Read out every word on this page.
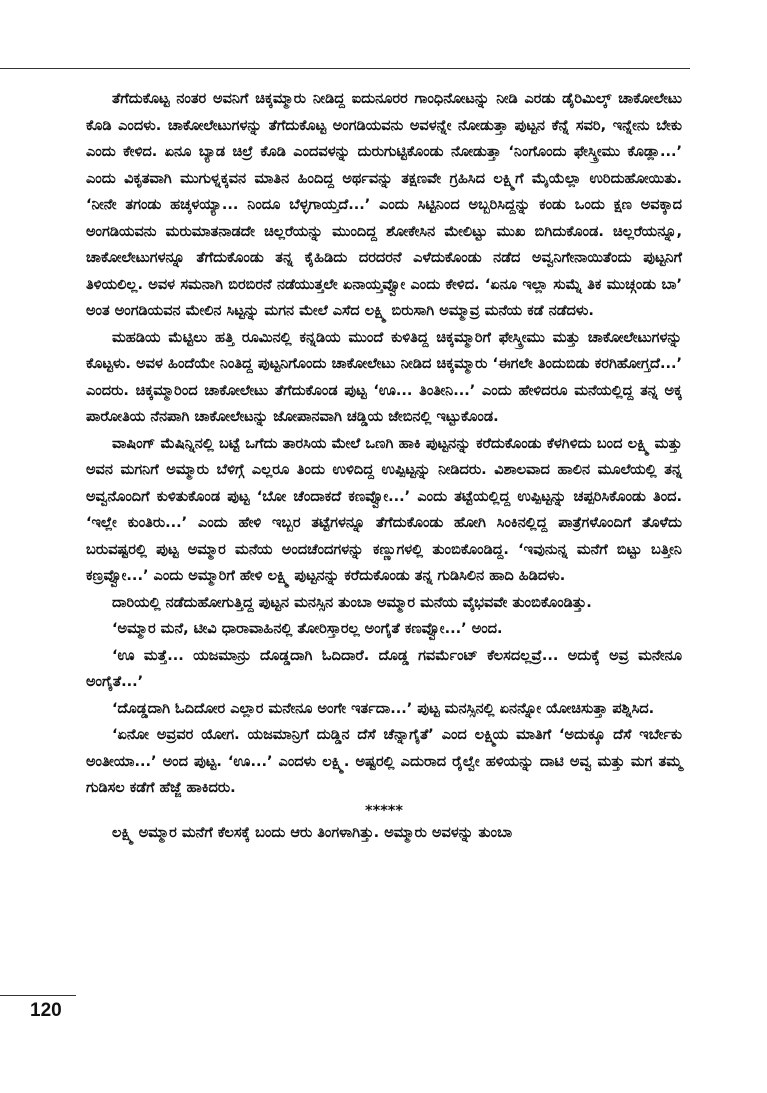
ತೆಗೆದುಕೊಟ್ಟ ನಂತರ ಅವನಿಗೆ ಚಿಕ್ಕಮ್ಮಾರು ನೀಡಿದ್ದ ಐದುನೂರರ ಗಾಂಧಿನೋಟನ್ನು ನೀಡಿ ಎರಡು ಡೈರಿಮಿಲ್ಕ್ ಚಾಕೋಲೇಟು ಕೊಡಿ ಎಂದಳು. ಚಾಕೋಲೇಟುಗಳನ್ನು ತೆಗೆದುಕೊಟ್ಟ ಅಂಗಡಿಯವನು ಅವಳನ್ನೇ ನೋಡುತ್ತಾ ಪುಟ್ಟನ ಕೆನ್ನೆ ಸವರಿ, ಇನ್ನೇನು ಬೇಕು ಎಂದು ಕೇಳಿದ. ಏನೂ ಬ್ಯಾಡ ಚಿಲ್ರೆ ಕೊಡಿ ಎಂದವಳನ್ನು ದುರುಗುಟ್ಟಿಕೊಂಡು ನೋಡುತ್ತಾ ‘ನಿಂಗೊಂದು ಫೇಸ್ಕ್ರೀಮು ಕೊಡ್ಲಾ...’ ಎಂದು ವಿಕೃತವಾಗಿ ಮುಗುಳ್ನಕ್ಕವನ ಮಾತಿನ ಹಿಂದಿದ್ದ ಅರ್ಥವನ್ನು ತಕ್ಷಣವೇ ಗ್ರಹಿಸಿದ ಲಕ್ಷ್ಮಿಗೆ ಮೈಯೆಲ್ಲಾ ಉರಿದುಹೋಯಿತು. ‘ನೀನೇ ತಗಂಡು ಹಚ್ಕಳಯ್ಯಾ... ನಿಂದೂ ಬೆಳ್ಳಗಾಯ್ತದೆ...’ ಎಂದು ಸಿಟ್ಟಿನಿಂದ ಅಬ್ಬರಿಸಿದ್ದನ್ನು ಕಂಡು ಒಂದು ಕ್ಷಣ ಅವಕ್ಕಾದ ಅಂಗಡಿಯವನು ಮರುಮಾತನಾಡದೇ ಚಿಲ್ಲರೆಯನ್ನು ಮುಂದಿದ್ದ ಶೋಕೇಸಿನ ಮೇಲಿಟ್ಟು ಮುಖ ಬಿಗಿದುಕೊಂಡ. ಚಿಲ್ಲರೆಯನ್ನೂ, ಚಾಕೋಲೇಟುಗಳನ್ನೂ ತೆಗೆದುಕೊಂಡು ತನ್ನ ಕೈಹಿಡಿದು ದರದರನೆ ಎಳೆದುಕೊಂಡು ನಡೆದ ಅವ್ವನಿಗೇನಾಯಿತೆಂದು ಪುಟ್ಟನಿಗೆ ತಿಳಿಯಲಿಲ್ಲ. ಅವಳ ಸಮನಾಗಿ ಬಿರಬಿರನೆ ನಡೆಯುತ್ತಲೇ ಏನಾಯ್ತವ್ವೋ ಎಂದು ಕೇಳಿದ. ‘ಏನೂ ಇಲ್ಲಾ ಸುಮ್ನೆ ತಿಕ ಮುಚ್ಗಂಡು ಬಾ’ ಅಂತ ಅಂಗಡಿಯವನ ಮೇಲಿನ ಸಿಟ್ಟನ್ನು ಮಗನ ಮೇಲೆ ಎಸೆದ ಲಕ್ಷ್ಮಿ ಬಿರುಸಾಗಿ ಅಮ್ಮಾವ್ರ ಮನೆಯ ಕಡೆ ನಡೆದಳು.

ಮಹಡಿಯ ಮೆಟ್ಟಿಲು ಹತ್ತಿ ರೂಮಿನಲ್ಲಿ ಕನ್ನಡಿಯ ಮುಂದೆ ಕುಳಿತಿದ್ದ ಚಿಕ್ಕಮ್ಮಾರಿಗೆ ಫೇಸ್ಕ್ರೀಮು ಮತ್ತು ಚಾಕೋಲೇಟುಗಳನ್ನು ಕೊಟ್ಟಳು. ಅವಳ ಹಿಂದೆಯೇ ನಿಂತಿದ್ದ ಪುಟ್ಟನಿಗೊಂದು ಚಾಕೋಲೇಟು ನೀಡಿದ ಚಿಕ್ಕಮ್ಮಾರು ‘ಈಗಲೇ ತಿಂದುಬಿಡು ಕರಗಿಹೋಗ್ತದೆ...’ ಎಂದರು. ಚಿಕ್ಕಮ್ಮಾರಿಂದ ಚಾಕೋಲೇಟು ತೆಗೆದುಕೊಂಡ ಪುಟ್ಟ ‘ಊ... ತಿಂತೀನಿ...’ ಎಂದು ಹೇಳಿದರೂ ಮನೆಯಲ್ಲಿದ್ದ ತನ್ನ ಅಕ್ಕ ಪಾರೋತಿಯ ನೆನಪಾಗಿ ಚಾಕೋಲೇಟನ್ನು ಜೋಪಾನವಾಗಿ ಚಡ್ಡಿಯ ಜೇಬಿನಲ್ಲಿ ಇಟ್ಟುಕೊಂಡ.

ವಾಷಿಂಗ್ ಮೆಷಿನ್ನಿನಲ್ಲಿ ಬಟ್ಟೆ ಒಗೆದು ತಾರಸಿಯ ಮೇಲೆ ಒಣಗಿ ಹಾಕಿ ಪುಟ್ಟನನ್ನು ಕರೆದುಕೊಂಡು ಕೆಳಗಿಳಿದು ಬಂದ ಲಕ್ಷ್ಮಿ ಮತ್ತು ಅವನ ಮಗನಿಗೆ ಅಮ್ಮಾರು ಬೆಳಿಗ್ಗೆ ಎಲ್ಲರೂ ತಿಂದು ಉಳಿದಿದ್ದ ಉಪ್ಪಿಟ್ಟನ್ನು ನೀಡಿದರು. ವಿಶಾಲವಾದ ಹಾಲಿನ ಮೂಲೆಯಲ್ಲಿ ತನ್ನ ಅವ್ವನೊಂದಿಗೆ ಕುಳಿತುಕೊಂಡ ಪುಟ್ಟ ‘ಬೋ ಚೆಂದಾಕದೆ ಕಣವ್ವೋ...’ ಎಂದು ತಟ್ಟೆಯಲ್ಲಿದ್ದ ಉಪ್ಪಿಟ್ಟನ್ನು ಚಪ್ಪರಿಸಿಕೊಂಡು ತಿಂದ. ‘ಇಲ್ಲೇ ಕುಂತಿರು...’ ಎಂದು ಹೇಳಿ ಇಬ್ಬರ ತಟ್ಟೆಗಳನ್ನೂ ತೆಗೆದುಕೊಂಡು ಹೋಗಿ ಸಿಂಕಿನಲ್ಲಿದ್ದ ಪಾತ್ರೆಗಳೊಂದಿಗೆ ತೊಳೆದು ಬರುವಷ್ಟರಲ್ಲಿ ಪುಟ್ಟ ಅಮ್ಮಾರ ಮನೆಯ ಅಂದಚೆಂದಗಳನ್ನು ಕಣ್ಣುಗಳಲ್ಲಿ ತುಂಬಿಕೊಂಡಿದ್ದ. ‘ಇವುನುನ್ನ ಮನೆಗೆ ಬಿಟ್ಟು ಬತ್ತೀನಿ ಕಣ್ರವ್ವೋ...’ ಎಂದು ಅಮ್ಮಾರಿಗೆ ಹೇಳಿ ಲಕ್ಷ್ಮಿ ಪುಟ್ಟನನ್ನು ಕರೆದುಕೊಂಡು ತನ್ನ ಗುಡಿಸಿಲಿನ ಹಾದಿ ಹಿಡಿದಳು.

ದಾರಿಯಲ್ಲಿ ನಡೆದುಹೋಗುತ್ತಿದ್ದ ಪುಟ್ಟನ ಮನಸ್ಸಿನ ತುಂಬಾ ಅಮ್ಮಾರ ಮನೆಯ ವೈಭವವೇ ತುಂಬಿಕೊಂಡಿತ್ತು.

‘ಅಮ್ಮಾರ ಮನೆ, ಟೀವಿ ಧಾರಾವಾಹಿನಲ್ಲಿ ತೋರಿಸ್ತಾರಲ್ಲ ಅಂಗೈತೆ ಕಣವ್ವೋ...’ ಅಂದ.

‘ಊ ಮತ್ತೆ... ಯಜಮಾನ್ರು ದೊಡ್ಡದಾಗಿ ಓದಿದಾರೆ. ದೊಡ್ಡ ಗವರ್ಮೆಂಟ್ ಕೆಲಸದಲ್ಲವ್ರೆ... ಅದುಕ್ಕೆ ಅವ್ರ ಮನೇನೂ ಅಂಗೈತೆ...’

‘ದೊಡ್ಡದಾಗಿ ಓದಿದೋರ ಎಲ್ಲಾರ ಮನೇನೂ ಅಂಗೇ ಇರ್ತದಾ...’ ಪುಟ್ಟ ಮನಸ್ಸಿನಲ್ಲಿ ಏನನ್ನೋ ಯೋಚಿಸುತ್ತಾ ಪಶ್ನಿಸಿದ.

‘ಏನೋ ಅವ್ರವರ ಯೋಗ. ಯಜಮಾನ್ರಿಗೆ ದುಡ್ಡಿನ ದೆಸೆ ಚೆನ್ನಾಗೈತೆ’ ಎಂದ ಲಕ್ಷ್ಮಿಯ ಮಾತಿಗೆ ‘ಅದುಕ್ಕೂ ದೆಸೆ ಇರ್ಬೇಕು ಅಂತೀಯಾ...’ ಅಂದ ಪುಟ್ಟ. ‘ಊ...’ ಎಂದಳು ಲಕ್ಷ್ಮಿ. ಅಷ್ಟರಲ್ಲಿ ಎದುರಾದ ರೈಲ್ವೇ ಹಳಿಯನ್ನು ದಾಟಿ ಅವ್ವ ಮತ್ತು ಮಗ ತಮ್ಮ ಗುಡಿಸಲ ಕಡೆಗೆ ಹೆಜ್ಜೆ ಹಾಕಿದರು.

*****

ಲಕ್ಷ್ಮಿ ಅಮ್ಮಾರ ಮನೆಗೆ ಕೆಲಸಕ್ಕೆ ಬಂದು ಆರು ತಿಂಗಳಾಗಿತ್ತು. ಅಮ್ಮಾರು ಅವಳನ್ನು ತುಂಬಾ

120
